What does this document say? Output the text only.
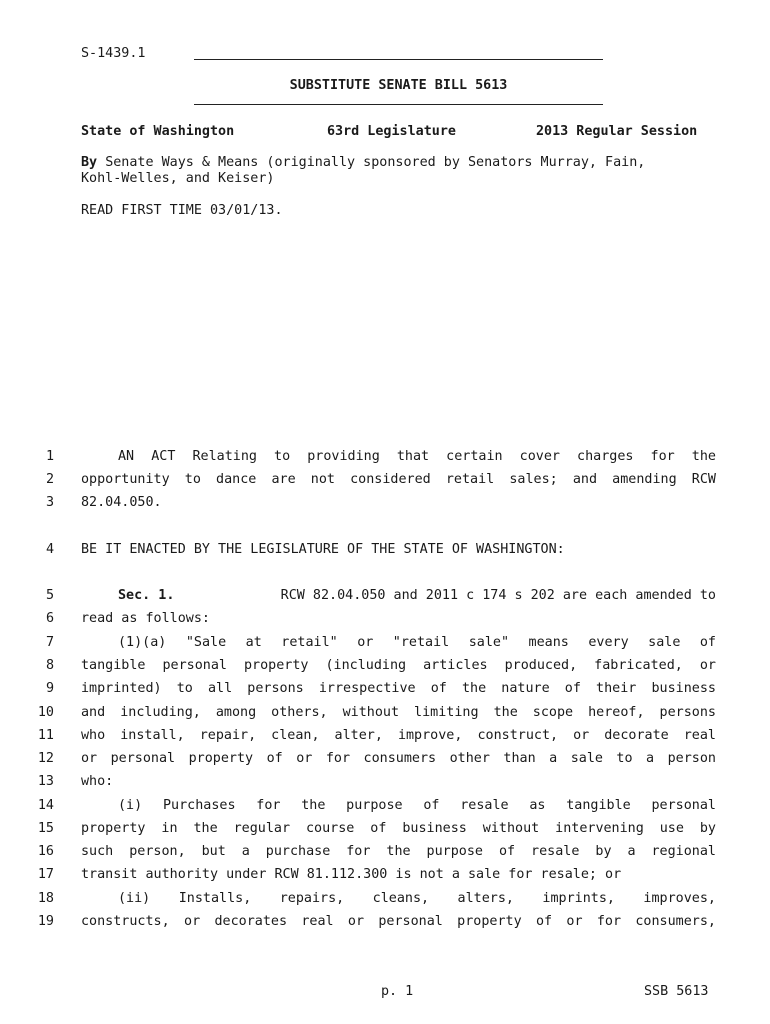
S-1439.1
SUBSTITUTE SENATE BILL 5613
State of Washington	63rd Legislature	2013 Regular Session
By Senate Ways & Means (originally sponsored by Senators Murray, Fain,
Kohl-Welles, and Keiser)
READ FIRST TIME 03/01/13.
1	AN ACT Relating to providing that certain cover charges for the
2 opportunity to dance are not considered retail sales; and amending RCW
3 82.04.050.
4 BE IT ENACTED BY THE LEGISLATURE OF THE STATE OF WASHINGTON:
5	Sec. 1.	RCW 82.04.050 and 2011 c 174 s 202 are each amended to
6 read as follows:
7	(1)(a) "Sale at retail" or "retail sale" means every sale of
8 tangible personal property (including articles produced, fabricated, or
9 imprinted) to all persons irrespective of the nature of their business
10 and including, among others, without limiting the scope hereof, persons
11 who install, repair, clean, alter, improve, construct, or decorate real
12 or personal property of or for consumers other than a sale to a person
13 who:
14	(i) Purchases for the purpose of resale as tangible personal
15 property in the regular course of business without intervening use by
16 such person, but a purchase for the purpose of resale by a regional
17 transit authority under RCW 81.112.300 is not a sale for resale; or
18	(ii) Installs, repairs, cleans, alters, imprints, improves,
19 constructs, or decorates real or personal property of or for consumers,
p. 1	SSB 5613
